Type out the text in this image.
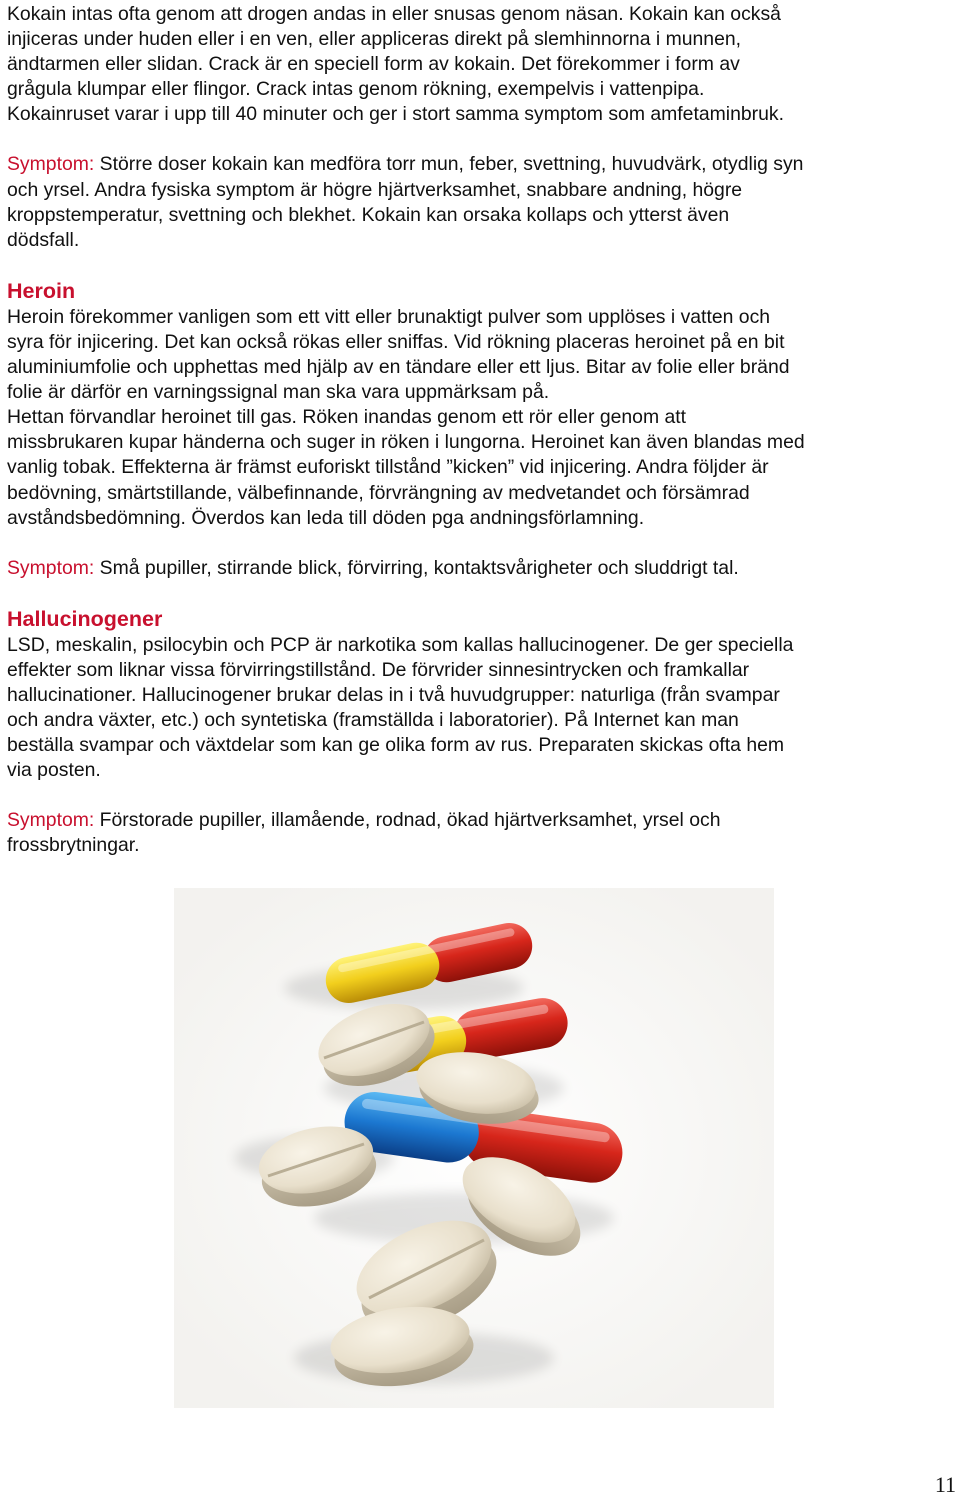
Kokain intas ofta genom att drogen andas in eller snusas genom näsan. Kokain kan också
injiceras under huden eller i en ven, eller appliceras direkt på slemhinnorna i munnen,
ändtarmen eller slidan. Crack är en speciell form av kokain. Det förekommer i form av
grågula klumpar eller flingor. Crack intas genom rökning, exempelvis i vattenpipa.
Kokainruset varar i upp till 40 minuter och ger i stort samma symptom som amfetaminbruk.

Symptom: Större doser kokain kan medföra torr mun, feber, svettning, huvudvärk, otydlig syn
och yrsel. Andra fysiska symptom är högre hjärtverksamhet, snabbare andning, högre
kroppstemperatur, svettning och blekhet. Kokain kan orsaka kollaps och ytterst även
dödsfall.

Heroin

Heroin förekommer vanligen som ett vitt eller brunaktigt pulver som upplöses i vatten och
syra för injicering. Det kan också rökas eller sniffas. Vid rökning placeras heroinet på en bit
aluminiumfolie och upphettas med hjälp av en tändare eller ett ljus. Bitar av folie eller bränd
folie är därför en varningssignal man ska vara uppmärksam på.
Hettan förvandlar heroinet till gas. Röken inandas genom ett rör eller genom att
missbrukaren kupar händerna och suger in röken i lungorna. Heroinet kan även blandas med
vanlig tobak. Effekterna är främst euforiskt tillstånd ”kicken” vid injicering. Andra följder är
bedövning, smärtstillande, välbefinnande, förvrängning av medvetandet och försämrad
avståndsbedömning. Överdos kan leda till döden pga andningsförlamning.

Symptom: Små pupiller, stirrande blick, förvirring, kontaktsvårigheter och sluddrigt tal.

Hallucinogener

LSD, meskalin, psilocybin och PCP är narkotika som kallas hallucinogener. De ger speciella
effekter som liknar vissa förvirringstillstånd. De förvrider sinnesintrycken och framkallar
hallucinationer. Hallucinogener brukar delas in i två huvudgrupper: naturliga (från svampar
och andra växter, etc.) och syntetiska (framställda i laboratorier). På Internet kan man
beställa svampar och växtdelar som kan ge olika form av rus. Preparaten skickas ofta hem
via posten.

Symptom: Förstorade pupiller, illamående, rodnad, ökad hjärtverksamhet, yrsel och
frossbrytningar.

11
